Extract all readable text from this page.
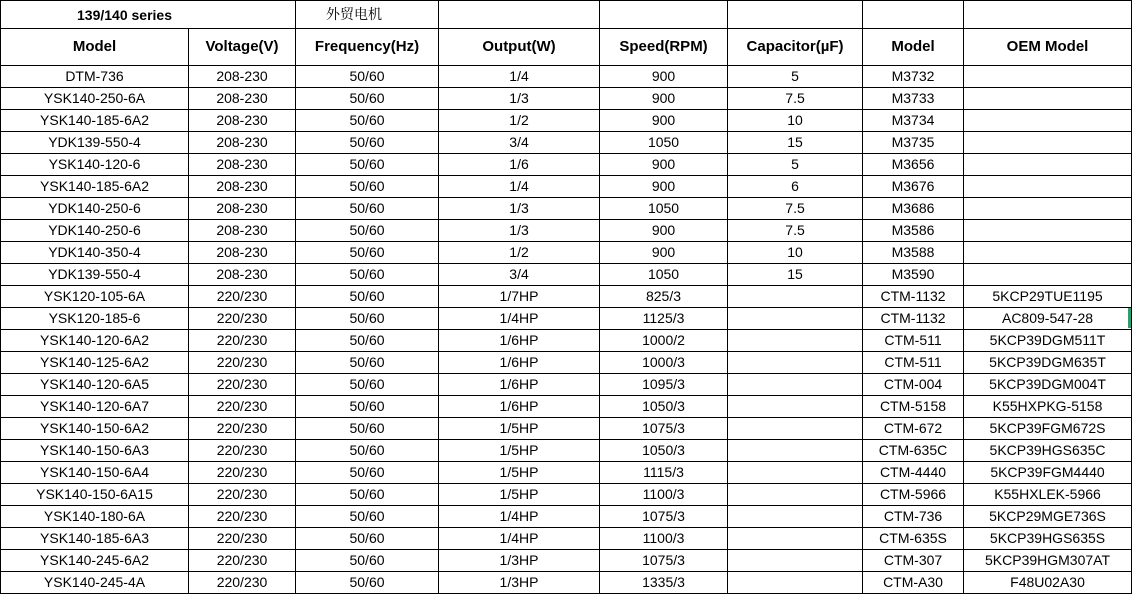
139/140 series		外贸电机					
Model	Voltage(V)	Frequency(Hz)	Output(W)	Speed(RPM)	Capacitor(µF)	Model	OEM Model
DTM-736	208-230	50/60	1/4	900	5	M3732	
YSK140-250-6A	208-230	50/60	1/3	900	7.5	M3733	
YSK140-185-6A2	208-230	50/60	1/2	900	10	M3734	
YDK139-550-4	208-230	50/60	3/4	1050	15	M3735	
YSK140-120-6	208-230	50/60	1/6	900	5	M3656	
YSK140-185-6A2	208-230	50/60	1/4	900	6	M3676	
YDK140-250-6	208-230	50/60	1/3	1050	7.5	M3686	
YDK140-250-6	208-230	50/60	1/3	900	7.5	M3586	
YDK140-350-4	208-230	50/60	1/2	900	10	M3588	
YDK139-550-4	208-230	50/60	3/4	1050	15	M3590	
YSK120-105-6A	220/230	50/60	1/7HP	825/3		CTM-1132	5KCP29TUE1195
YSK120-185-6	220/230	50/60	1/4HP	1125/3		CTM-1132	AC809-547-28
YSK140-120-6A2	220/230	50/60	1/6HP	1000/2		CTM-511	5KCP39DGM511T
YSK140-125-6A2	220/230	50/60	1/6HP	1000/3		CTM-511	5KCP39DGM635T
YSK140-120-6A5	220/230	50/60	1/6HP	1095/3		CTM-004	5KCP39DGM004T
YSK140-120-6A7	220/230	50/60	1/6HP	1050/3		CTM-5158	K55HXPKG-5158
YSK140-150-6A2	220/230	50/60	1/5HP	1075/3		CTM-672	5KCP39FGM672S
YSK140-150-6A3	220/230	50/60	1/5HP	1050/3		CTM-635C	5KCP39HGS635C
YSK140-150-6A4	220/230	50/60	1/5HP	1115/3		CTM-4440	5KCP39FGM4440
YSK140-150-6A15	220/230	50/60	1/5HP	1100/3		CTM-5966	K55HXLEK-5966
YSK140-180-6A	220/230	50/60	1/4HP	1075/3		CTM-736	5KCP29MGE736S
YSK140-185-6A3	220/230	50/60	1/4HP	1100/3		CTM-635S	5KCP39HGS635S
YSK140-245-6A2	220/230	50/60	1/3HP	1075/3		CTM-307	5KCP39HGM307AT
YSK140-245-4A	220/230	50/60	1/3HP	1335/3		CTM-A30	F48U02A30
